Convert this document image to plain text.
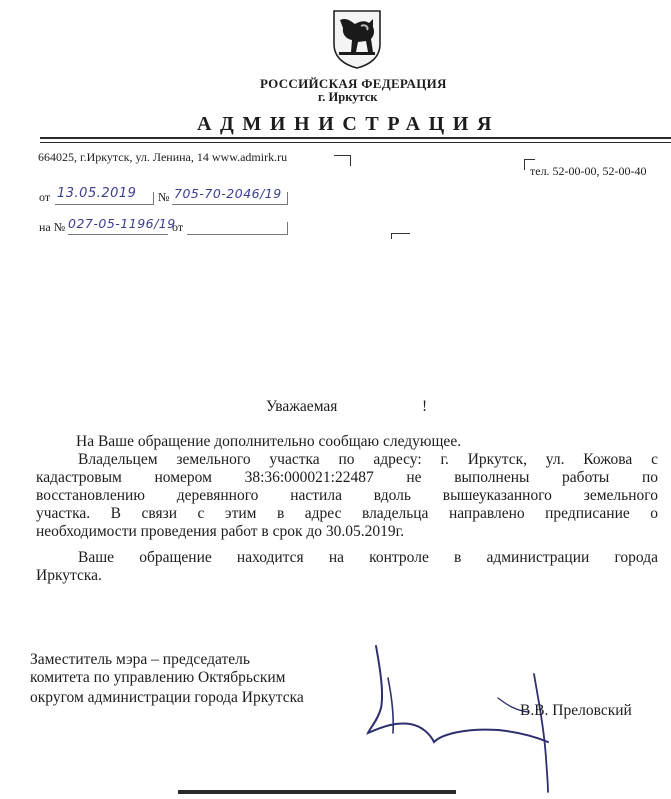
РОССИЙСКАЯ ФЕДЕРАЦИЯ
г. Иркутск
АДМИНИСТРАЦИЯ
664025, г.Иркутск, ул. Ленина, 14 www.admirk.ru
тел. 52-00-00, 52-00-40
от 13.05.2019 № 705-70-2046/19
на № 027-05-1196/19
от
Уважаемая	!
На Ваше обращение дополнительно сообщаю следующее.
Владельцем земельного участка по адресу: г. Иркутск, ул. Кожова с
кадастровым номером 38:36:000021:22487 не выполнены работы по
восстановлению деревянного настила вдоль вышеуказанного земельного
участка. В связи с этим в адрес владельца направлено предписание о
необходимости проведения работ в срок до 30.05.2019г.
Ваше обращение находится на контроле в администрации города
Иркутска.
Заместитель мэра – председатель
комитета по управлению Октябрьским
округом администрации города Иркутска
В.В. Преловский
